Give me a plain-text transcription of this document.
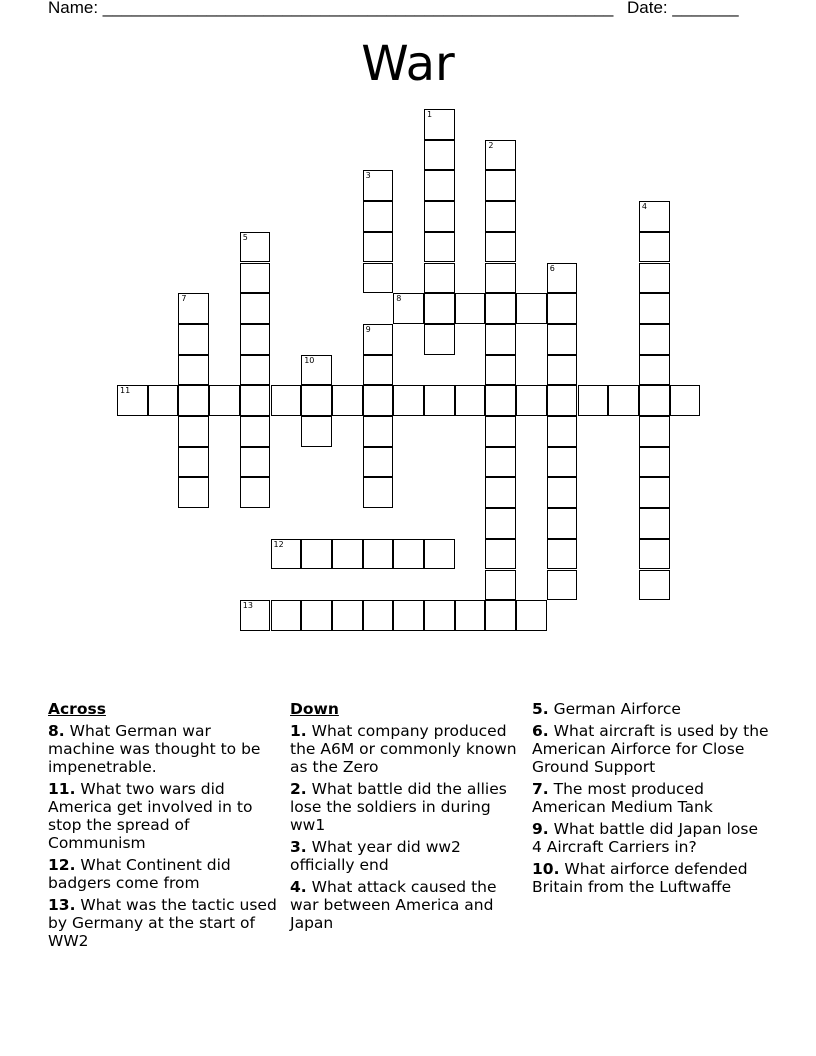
Name: ______________________________________________________ Date: _______
War
1
2
3
4
5
6
7	8
9
10
11
12
13
Across
8. What German war machine was thought to be impenetrable.
11. What two wars did America get involved in to stop the spread of Communism
12. What Continent did badgers come from
13. What was the tactic used by Germany at the start of WW2
Down
1. What company produced the A6M or commonly known as the Zero
2. What battle did the allies lose the soldiers in during ww1
3. What year did ww2 officially end
4. What attack caused the war between America and Japan
5. German Airforce
6. What aircraft is used by the American Airforce for Close Ground Support
7. The most produced American Medium Tank
9. What battle did Japan lose 4 Aircraft Carriers in?
10. What airforce defended Britain from the Luftwaffe
